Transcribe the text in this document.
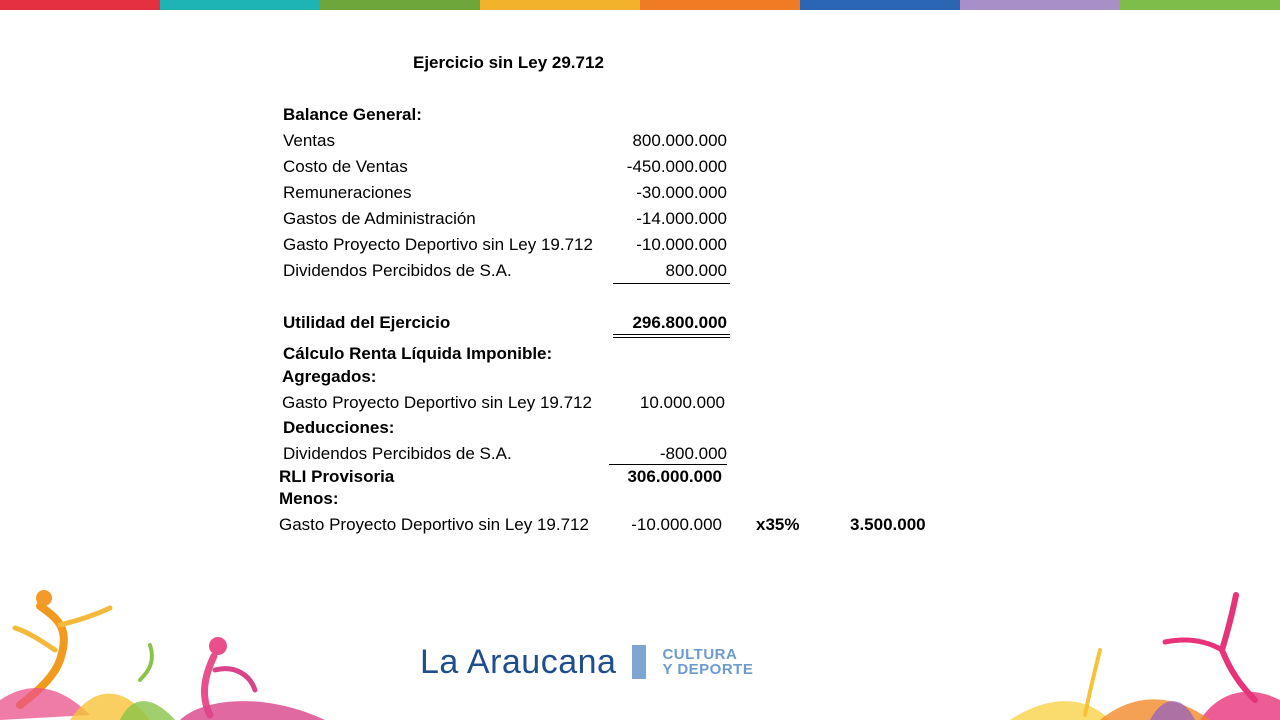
Ejercicio sin Ley 29.712
Balance General:
Ventas	800.000.000
Costo de Ventas	-450.000.000
Remuneraciones	-30.000.000
Gastos de Administración	-14.000.000
Gasto Proyecto Deportivo sin Ley 19.712	-10.000.000
Dividendos Percibidos de S.A.	800.000
Utilidad del Ejercicio	296.800.000
Cálculo Renta Líquida Imponible:
Agregados:
Gasto Proyecto Deportivo sin Ley 19.712	10.000.000
Deducciones:
Dividendos Percibidos de S.A.	-800.000
RLI Provisoria	306.000.000
Menos:
Gasto Proyecto Deportivo sin Ley 19.712	-10.000.000 x35%	3.500.000
La Araucana	CULTURA
Y DEPORTE
